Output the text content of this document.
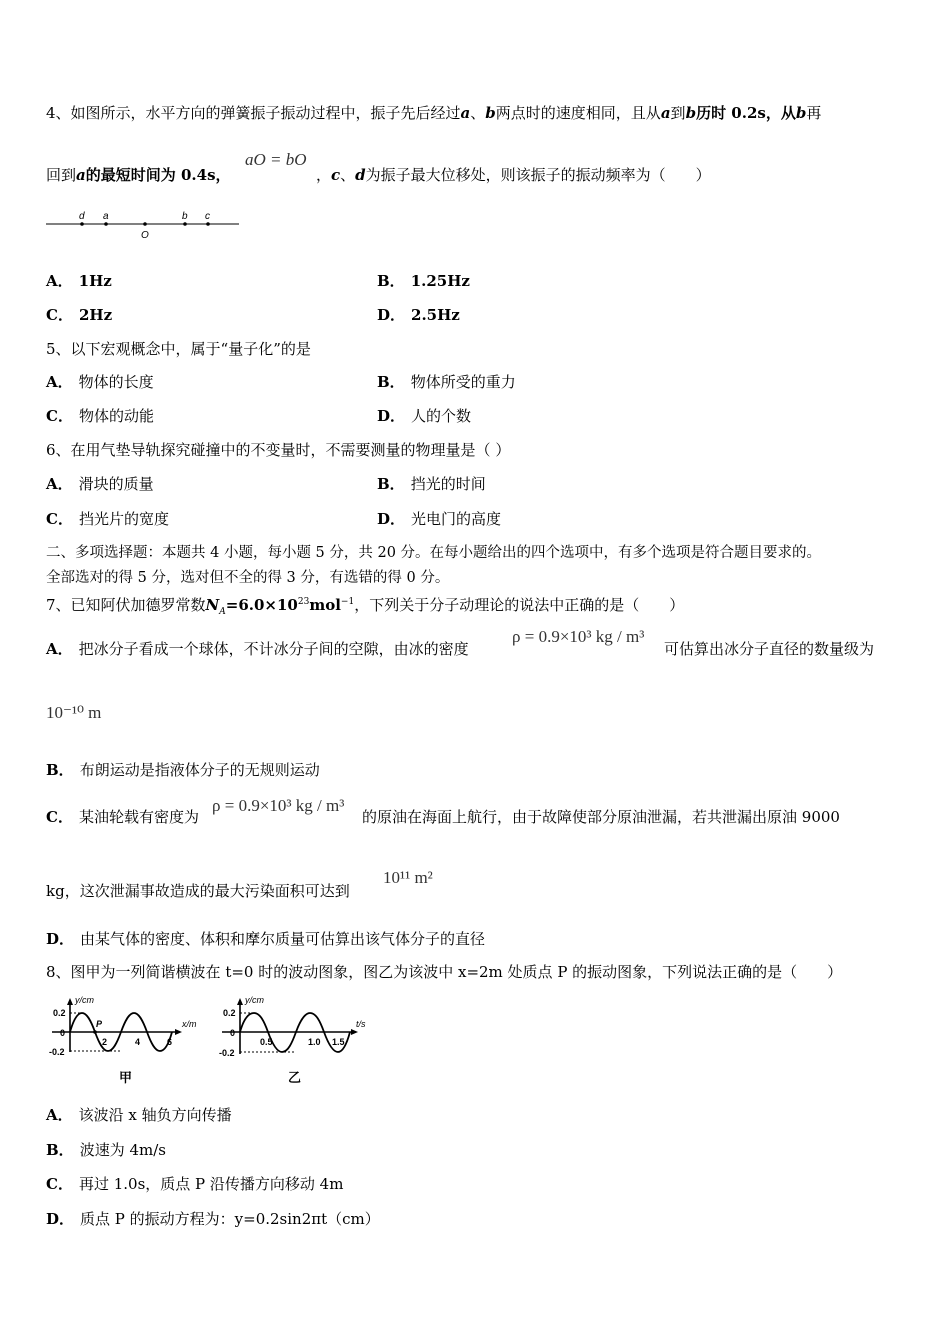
4、如图所示，水平方向的弹簧振子振动过程中，振子先后经过a、b两点时的速度相同，且从a到b历时 0.2s，从b再
回到a的最短时间为 0.4s，
aO = bO
，c、d为振子最大位移处，则该振子的振动频率为（　　）
d a
O
b c
A． 1Hz	B． 1.25Hz
C． 2Hz	D． 2.5Hz
5、以下宏观概念中，属于“量子化”的是
A． 物体的长度	B． 物体所受的重力
C． 物体的动能	D． 人的个数
6、在用气垫导轨探究碰撞中的不变量时，不需要测量的物理量是（ ）
A． 滑块的质量	B． 挡光的时间
C． 挡光片的宽度	D． 光电门的高度
二、多项选择题：本题共 4 小题，每小题 5 分，共 20 分。在每小题给出的四个选项中，有多个选项是符合题目要求的。
全部选对的得 5 分，选对但不全的得 3 分，有选错的得 0 分。
7、已知阿伏加德罗常数$N_A=6.0\times 10^{23}mol^{-1}$，下列关于分子动理论的说法中正确的是（　　）
A． 把冰分子看成一个球体，不计冰分子间的空隙，由冰的密度
ρ = 0.9×10³ kg / m³
可估算出冰分子直径的数量级为
10⁻¹⁰ m
B． 布朗运动是指液体分子的无规则运动
C． 某油轮载有密度为
ρ = 0.9×10³ kg / m³
的原油在海面上航行，由于故障使部分原油泄漏，若共泄漏出原油 9000
kg，这次泄漏事故造成的最大污染面积可达到
10¹¹ m²
D． 由某气体的密度、体积和摩尔质量可估算出该气体分子的直径
8、图甲为一列简谐横波在 t=0 时的波动图象，图乙为该波中 x=2m 处质点 P 的振动图象，下列说法正确的是（　　）
y/cm
x/m
0.2
0
-0.2
2	4	6
P
甲
y/cm
t/s
0.2
0
-0.2
0.5	1.0 1.5
乙
A． 该波沿 x 轴负方向传播
B． 波速为 4m/s
C． 再过 1.0s，质点 P 沿传播方向移动 4m
D． 质点 P 的振动方程为：y=0.2sin2πt（cm）
